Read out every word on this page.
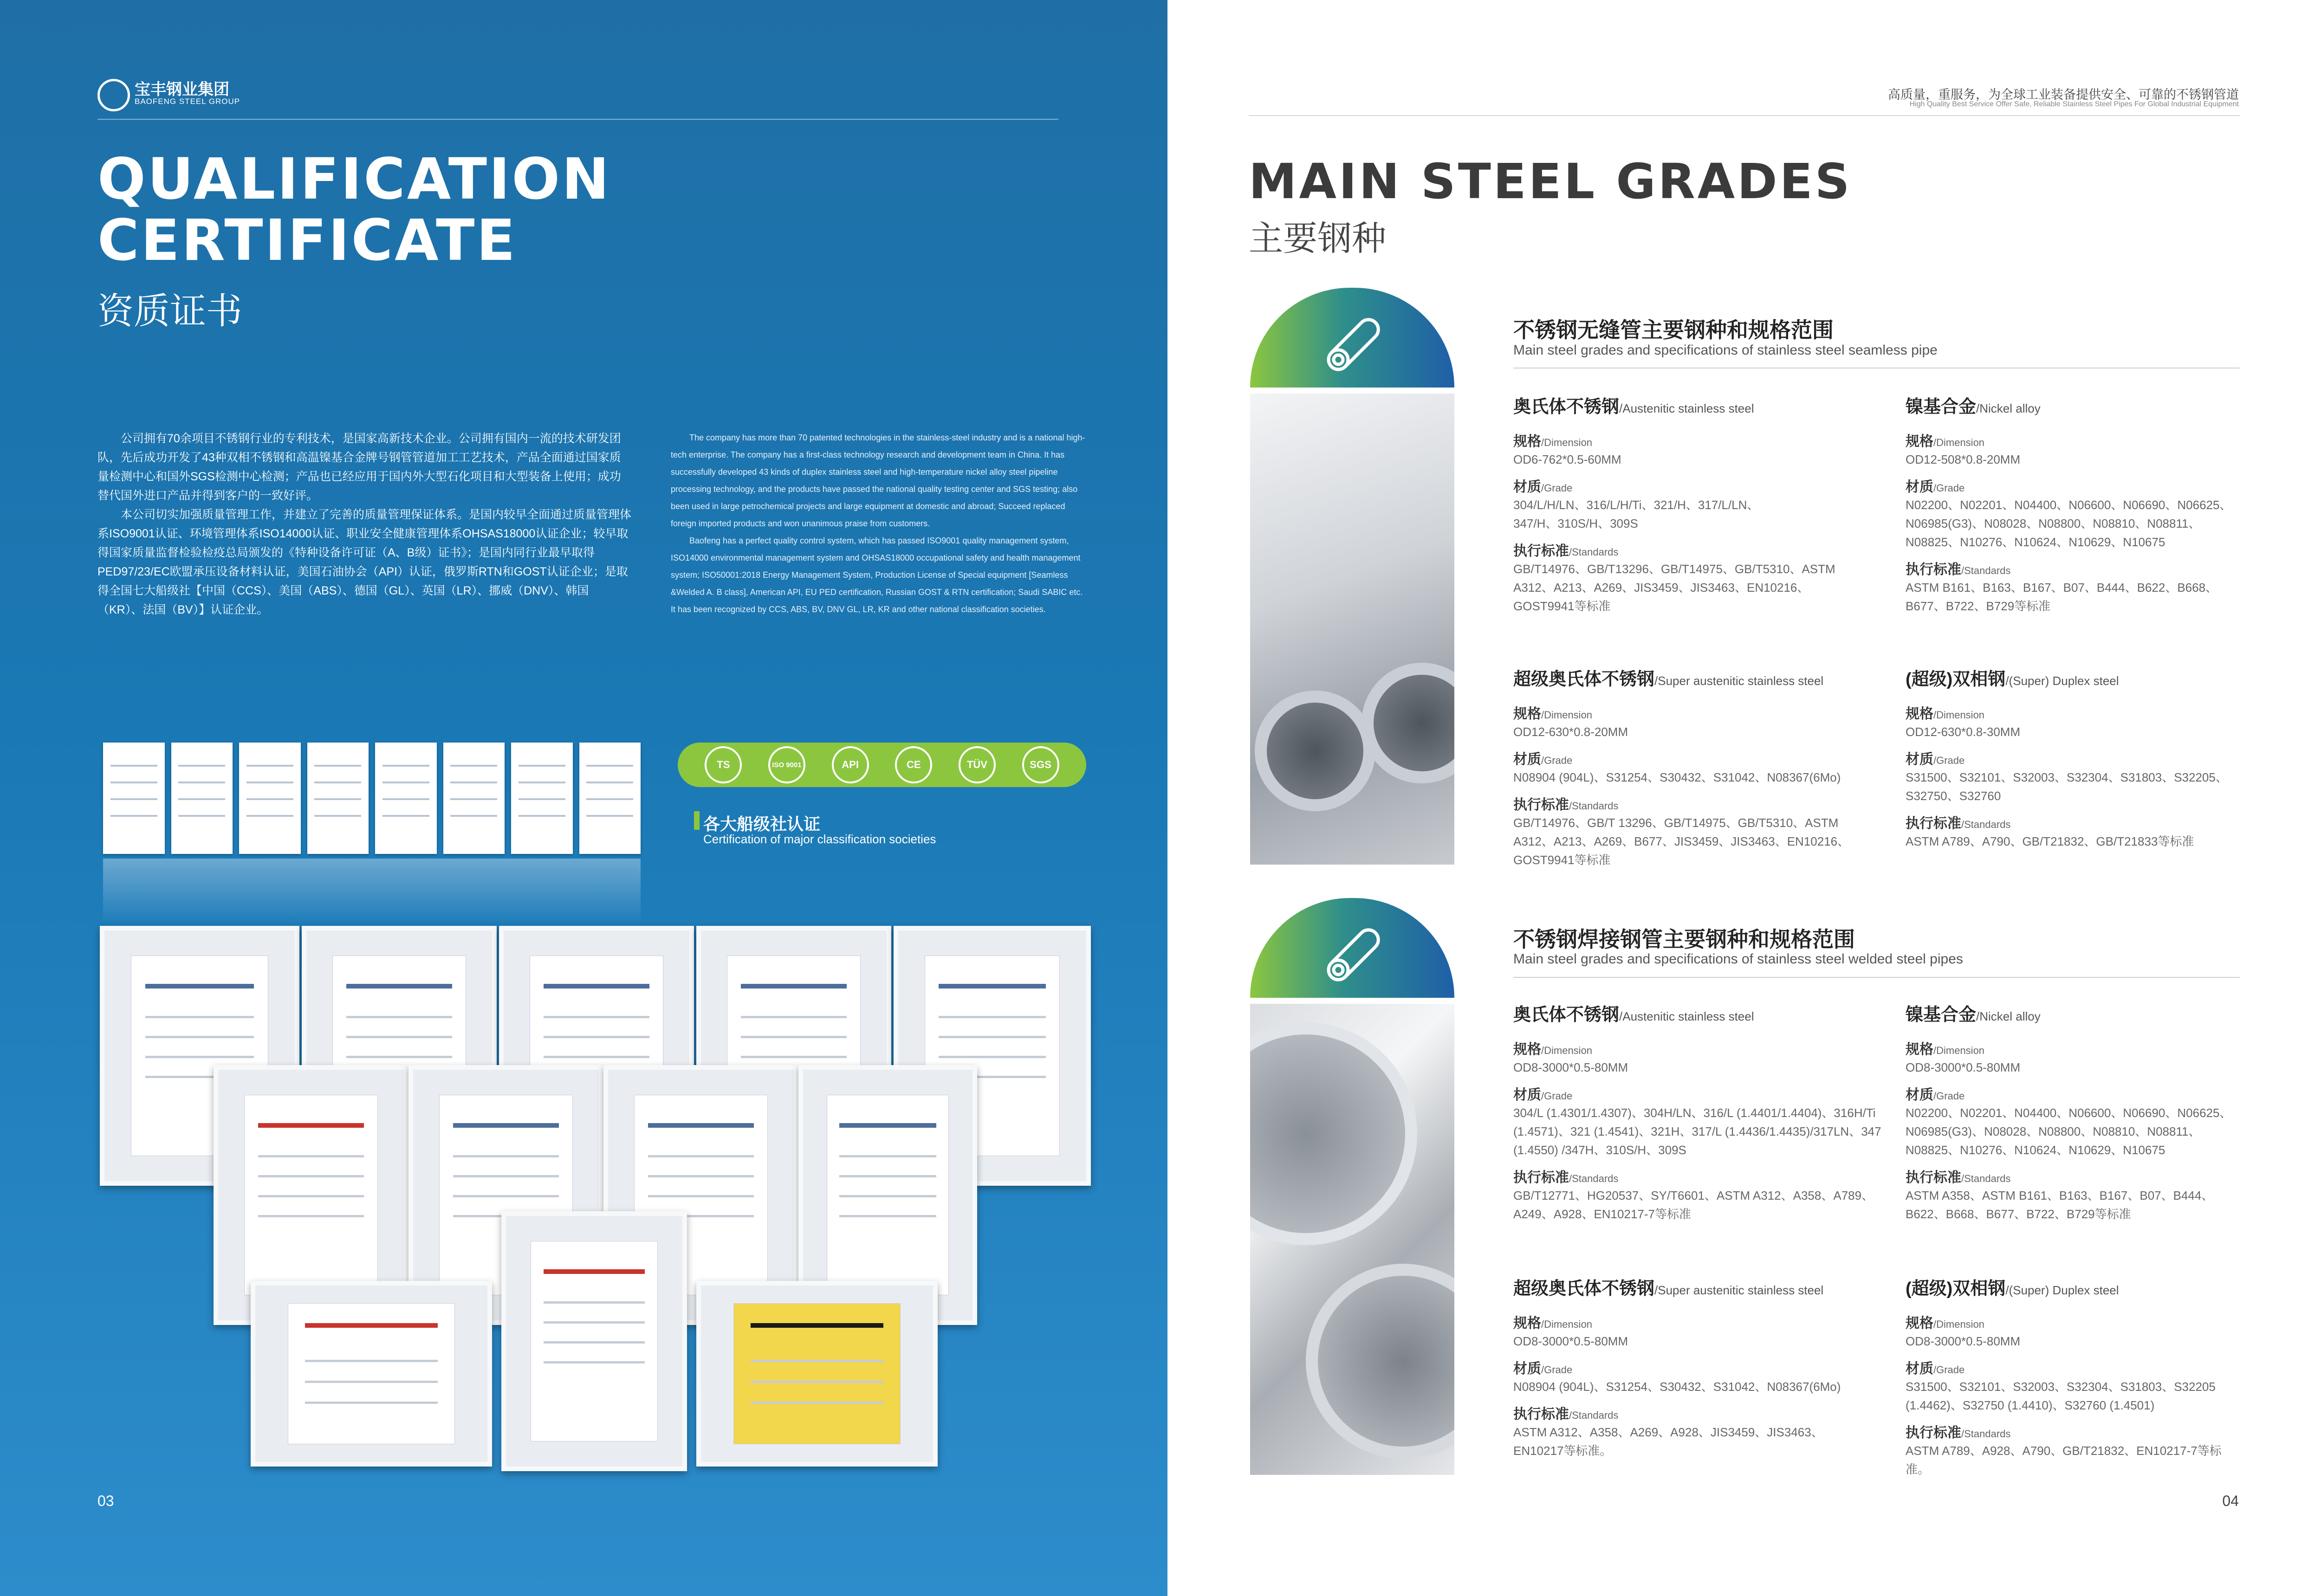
宝丰钢业集团
BAOFENG STEEL GROUP
QUALIFICATION
CERTIFICATE
资质证书
公司拥有70余项目不锈钢行业的专利技术，是国家高新技术企业。公司拥有国内一流的技术研发团队，先后成功开发了43种双相不锈钢和高温镍基合金牌号钢管管道加工工艺技术，产品全面通过国家质量检测中心和国外SGS检测中心检测；产品也已经应用于国内外大型石化项目和大型装备上使用；成功替代国外进口产品并得到客户的一致好评。
本公司切实加强质量管理工作，并建立了完善的质量管理保证体系。是国内较早全面通过质量管理体系ISO9001认证、环境管理体系ISO14000认证、职业安全健康管理体系OHSAS18000认证企业；较早取得国家质量监督检验检疫总局颁发的《特种设备许可证（A、B级）证书》；是国内同行业最早取得PED97/23/EC欧盟承压设备材料认证，美国石油协会（API）认证，俄罗斯RTN和GOST认证企业；是取得全国七大船级社【中国（CCS）、美国（ABS）、德国（GL）、英国（LR）、挪威（DNV）、韩国（KR）、法国（BV）】认证企业。
The company has more than 70 patented technologies in the stainless-steel industry and is a national high-tech enterprise. The company has a first-class technology research and development team in China. It has successfully developed 43 kinds of duplex stainless steel and high-temperature nickel alloy steel pipeline processing technology, and the products have passed the national quality testing center and SGS testing; also been used in large petrochemical projects and large equipment at domestic and abroad; Succeed replaced foreign imported products and won unanimous praise from customers.
Baofeng has a perfect quality control system, which has passed ISO9001 quality management system, ISO14000 environmental management system and OHSAS18000 occupational safety and health management system; ISO50001:2018 Energy Management System, Production License of Special equipment [Seamless &Welded A. B class], American API, EU PED certification, Russian GOST & RTN certification; Saudi SABIC etc. It has been recognized by CCS, ABS, BV, DNV GL, LR, KR and other national classification societies.
TS	ISO 9001	API	CE	TÜV	SGS
各大船级社认证
Certification of major classification societies
03
高质量，重服务，为全球工业装备提供安全、可靠的不锈钢管道
High Quality Best Service Offer Safe, Reliable Stainless Steel Pipes For Global Industrial Equipment
MAIN STEEL GRADES
主要钢种
不锈钢无缝管主要钢种和规格范围
Main steel grades and specifications of stainless steel seamless pipe
奥氏体不锈钢/Austenitic stainless steel
规格/Dimension
OD6-762*0.5-60MM
材质/Grade
304/L/H/LN、316/L/H/Ti、321/H、317/L/LN、347/H、310S/H、309S
执行标准/Standards
GB/T14976、GB/T13296、GB/T14975、GB/T5310、ASTM A312、A213、A269、JIS3459、JIS3463、EN10216、GOST9941等标准
镍基合金/Nickel alloy
规格/Dimension
OD12-508*0.8-20MM
材质/Grade
N02200、N02201、N04400、N06600、N06690、N06625、N06985(G3)、N08028、N08800、N08810、N08811、N08825、N10276、N10624、N10629、N10675
执行标准/Standards
ASTM B161、B163、B167、B07、B444、B622、B668、B677、B722、B729等标准
超级奥氏体不锈钢/Super austenitic stainless steel
规格/Dimension
OD12-630*0.8-20MM
材质/Grade
N08904 (904L)、S31254、S30432、S31042、N08367(6Mo)
执行标准/Standards
GB/T14976、GB/T 13296、GB/T14975、GB/T5310、ASTM A312、A213、A269、B677、JIS3459、JIS3463、EN10216、GOST9941等标准
(超级)双相钢/(Super) Duplex steel
规格/Dimension
OD12-630*0.8-30MM
材质/Grade
S31500、S32101、S32003、S32304、S31803、S32205、S32750、S32760
执行标准/Standards
ASTM A789、A790、GB/T21832、GB/T21833等标准
不锈钢焊接钢管主要钢种和规格范围
Main steel grades and specifications of stainless steel welded steel pipes
奥氏体不锈钢/Austenitic stainless steel
规格/Dimension
OD8-3000*0.5-80MM
材质/Grade
304/L (1.4301/1.4307)、304H/LN、316/L (1.4401/1.4404)、316H/Ti (1.4571)、321 (1.4541)、321H、317/L (1.4436/1.4435)/317LN、347 (1.4550) /347H、310S/H、309S
执行标准/Standards
GB/T12771、HG20537、SY/T6601、ASTM A312、A358、A789、A249、A928、EN10217-7等标准
镍基合金/Nickel alloy
规格/Dimension
OD8-3000*0.5-80MM
材质/Grade
N02200、N02201、N04400、N06600、N06690、N06625、N06985(G3)、N08028、N08800、N08810、N08811、N08825、N10276、N10624、N10629、N10675
执行标准/Standards
ASTM A358、ASTM B161、B163、B167、B07、B444、B622、B668、B677、B722、B729等标准
超级奥氏体不锈钢/Super austenitic stainless steel
规格/Dimension
OD8-3000*0.5-80MM
材质/Grade
N08904 (904L)、S31254、S30432、S31042、N08367(6Mo)
执行标准/Standards
ASTM A312、A358、A269、A928、JIS3459、JIS3463、EN10217等标准。
(超级)双相钢/(Super) Duplex steel
规格/Dimension
OD8-3000*0.5-80MM
材质/Grade
S31500、S32101、S32003、S32304、S31803、S32205 (1.4462)、S32750 (1.4410)、S32760 (1.4501)
执行标准/Standards
ASTM A789、A928、A790、GB/T21832、EN10217-7等标准。
04
